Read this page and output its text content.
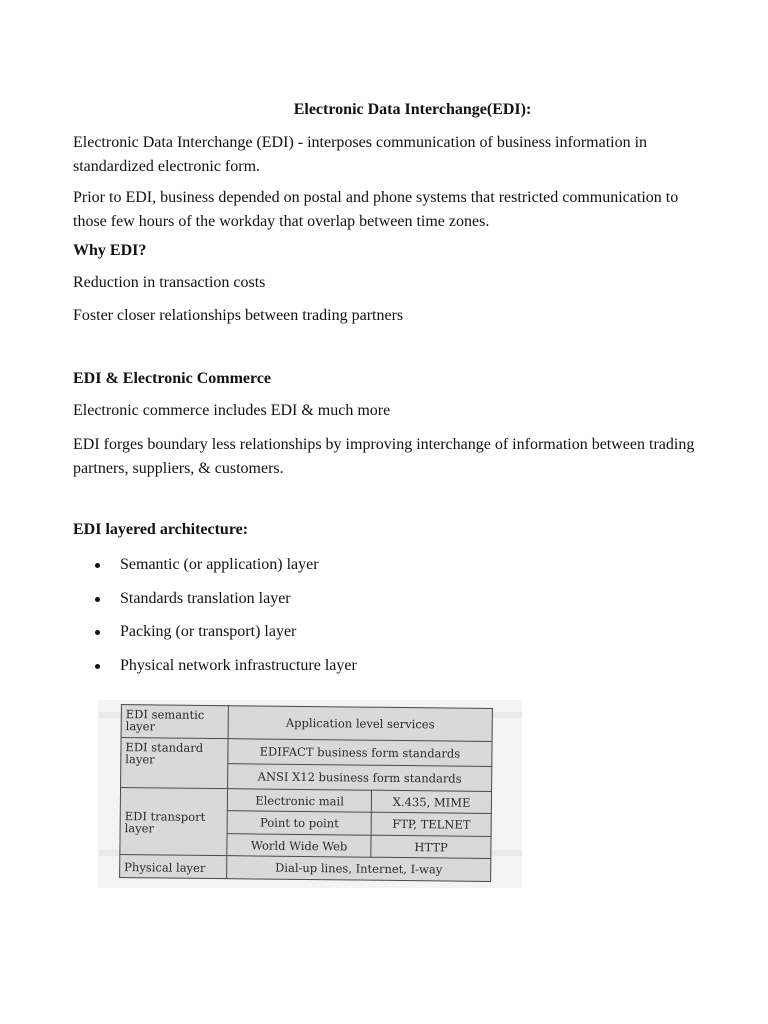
Electronic Data Interchange(EDI):
Electronic Data Interchange (EDI) - interposes communication of business information in standardized electronic form.
Prior to EDI, business depended on postal and phone systems that restricted communication to those few hours of the workday that overlap between time zones.
Why EDI?
Reduction in transaction costs
Foster closer relationships between trading partners
EDI & Electronic Commerce
Electronic commerce includes EDI & much more
EDI forges boundary less relationships by improving interchange of information between trading partners, suppliers, & customers.
EDI layered architecture:
Semantic (or application) layer
Standards translation layer
Packing (or transport) layer
Physical network infrastructure layer
EDI semantic layer	Application level services	
EDI standard layer	EDIFACT business form standards	
	ANSI X12 business form standards	
EDI transport layer	Electronic mail	X.435, MIME
	Point to point	FTP, TELNET
	World Wide Web	HTTP
Physical layer	Dial-up lines, Internet, I-way	
